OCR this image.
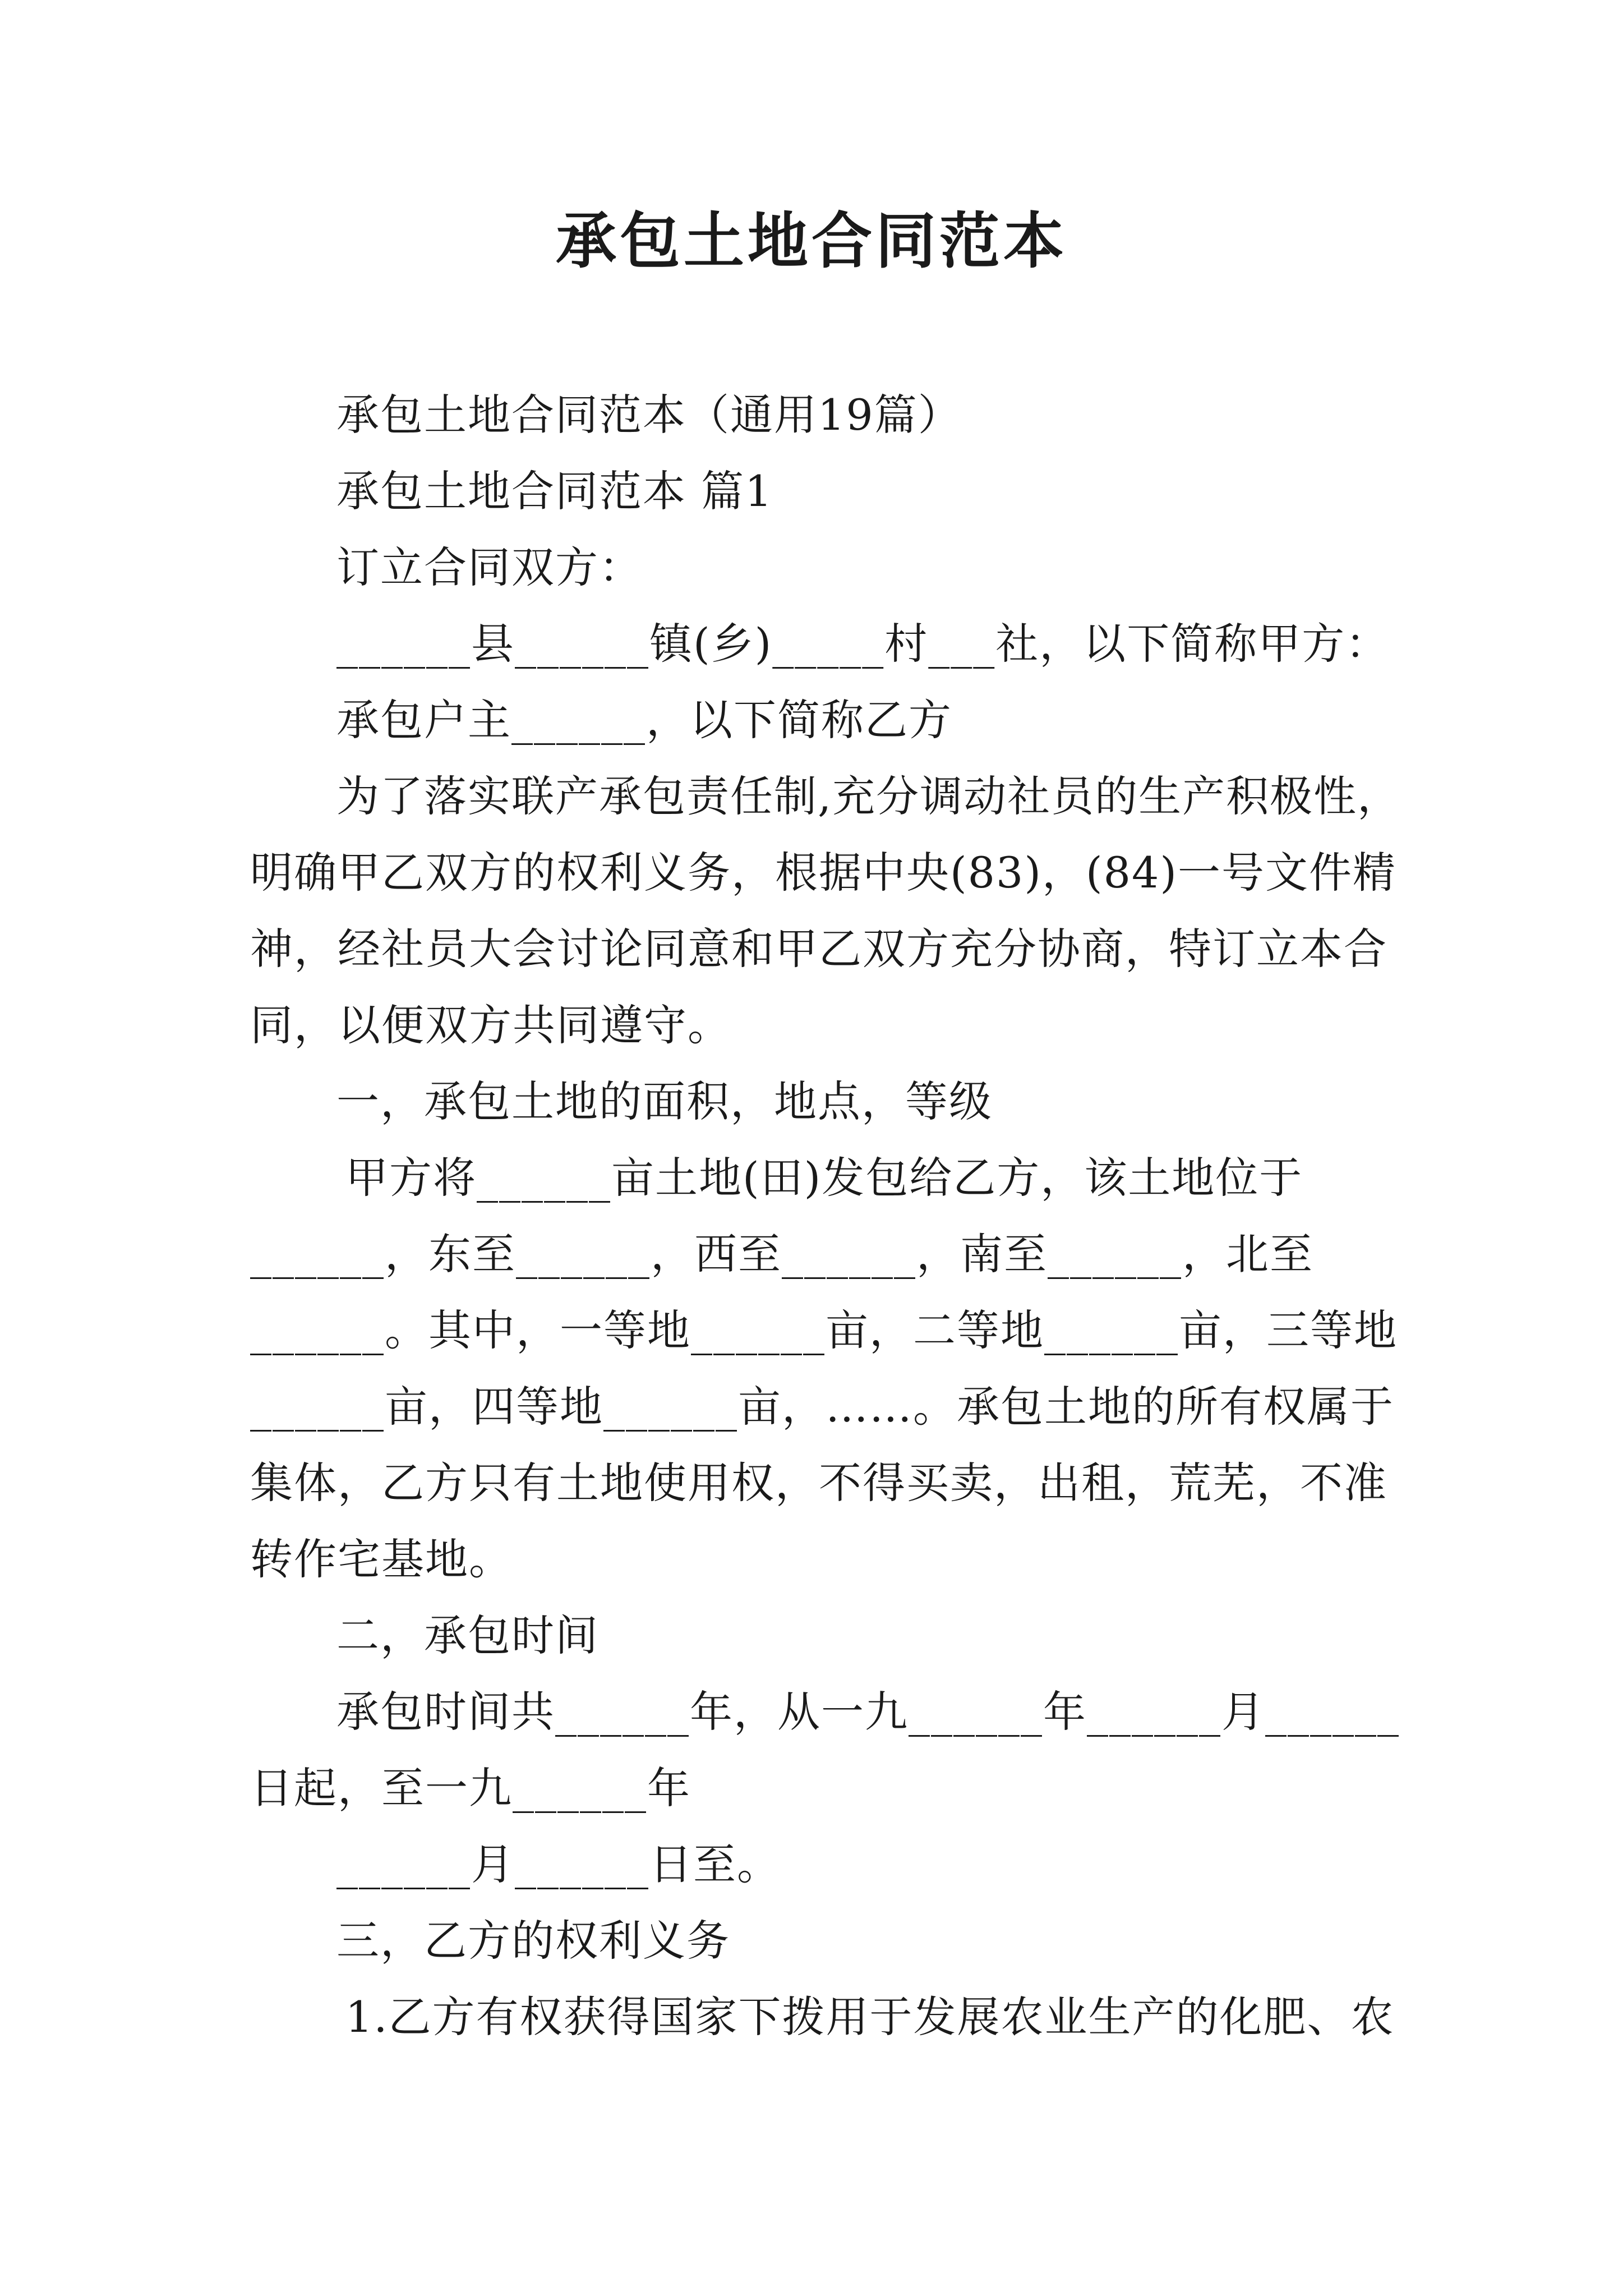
承包土地合同范本
承包土地合同范本（通用19篇）
承包土地合同范本 篇1
订立合同双方：
______县______镇(乡)_____村___社，以下简称甲方：
承包户主______，以下简称乙方
为了落实联产承包责任制,充分调动社员的生产积极性，
明确甲乙双方的权利义务，根据中央(83)，(84)一号文件精
神，经社员大会讨论同意和甲乙双方充分协商，特订立本合
同，以便双方共同遵守。
一，承包土地的面积，地点，等级
甲方将______亩土地(田)发包给乙方，该土地位于
______，东至______，西至______，南至______，北至
______。其中，一等地______亩，二等地______亩，三等地
______亩，四等地______亩，……。承包土地的所有权属于
集体，乙方只有土地使用权，不得买卖，出租，荒芜，不准
转作宅基地。
二，承包时间
承包时间共______年，从一九______年______月______
日起，至一九______年
______月______日至。
三，乙方的权利义务
1.乙方有权获得国家下拨用于发展农业生产的化肥、农
